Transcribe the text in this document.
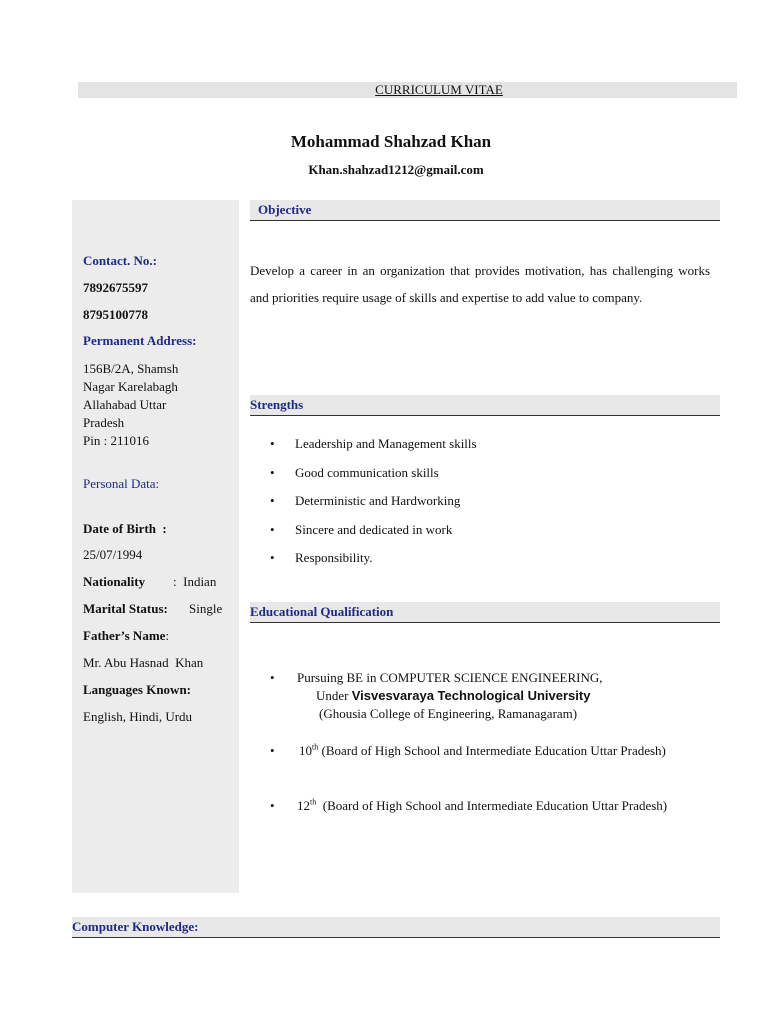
CURRICULUM VITAE
Mohammad Shahzad Khan
Khan.shahzad1212@gmail.com
Contact. No.:
7892675597
8795100778
Permanent Address:
156B/2A, Shamsh
Nagar Karelabagh
Allahabad Uttar
Pradesh
Pin : 211016
Personal Data:
Date of Birth  :
25/07/1994
Nationality :  Indian
Marital Status: Single
Father’s Name:
Mr. Abu Hasnad  Khan
Languages Known:
English, Hindi, Urdu
Objective
Develop a career in an organization that provides motivation, has challenging works and priorities require usage of skills and expertise to add value to company.
Strengths
• Leadership and Management skills
• Good communication skills
• Deterministic and Hardworking
• Sincere and dedicated in work
• Responsibility.
Educational Qualification
• Pursuing BE in COMPUTER SCIENCE ENGINEERING,
Under Visvesvaraya Technological University
(Ghousia College of Engineering, Ramanagaram)
• 10th (Board of High School and Intermediate Education Uttar Pradesh)
• 12th  (Board of High School and Intermediate Education Uttar Pradesh)
Computer Knowledge:
